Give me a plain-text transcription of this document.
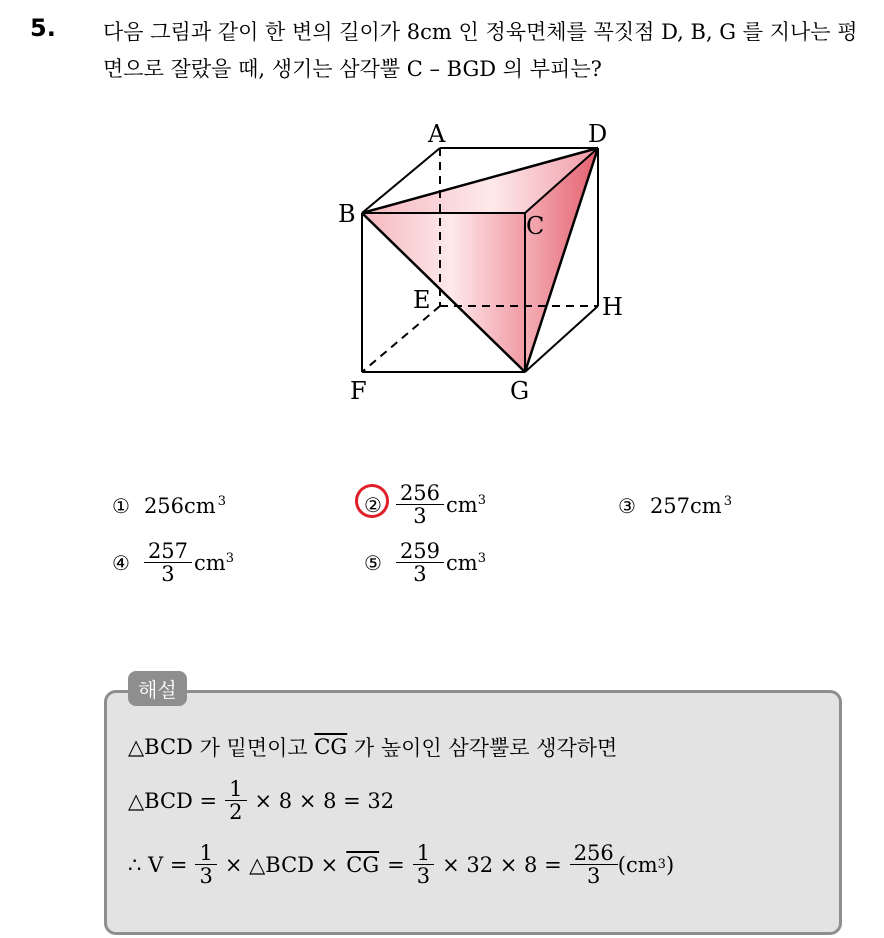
5. 다음 그림과 같이 한 변의 길이가 8cm 인 정육면체를 꼭짓점 D, B, G 를 지나는 평면으로 잘랐을 때, 생기는 삼각뿔 C – BGD 의 부피는?
A	D
B	C
E	H
F	G
① 256cm $^3$	② $\frac{256}{3} cm^3$	③ 257cm $^3$
④ $\frac{257}{3} cm^3$	⑤ $\frac{259}{3} cm^3$
해설
△BCD 가 밑면이고 $\overline{CG}$ 가 높이인 삼각뿔로 생각하면
△BCD = $\frac{1}{2} \times 8 \times 8 = 32$
∴ $V = \frac{1}{3}$ × △BCD × $\overline{CG} = \frac{1}{3} \times 32 \times 8 = \frac{256}{3} (cm$ 3 )
